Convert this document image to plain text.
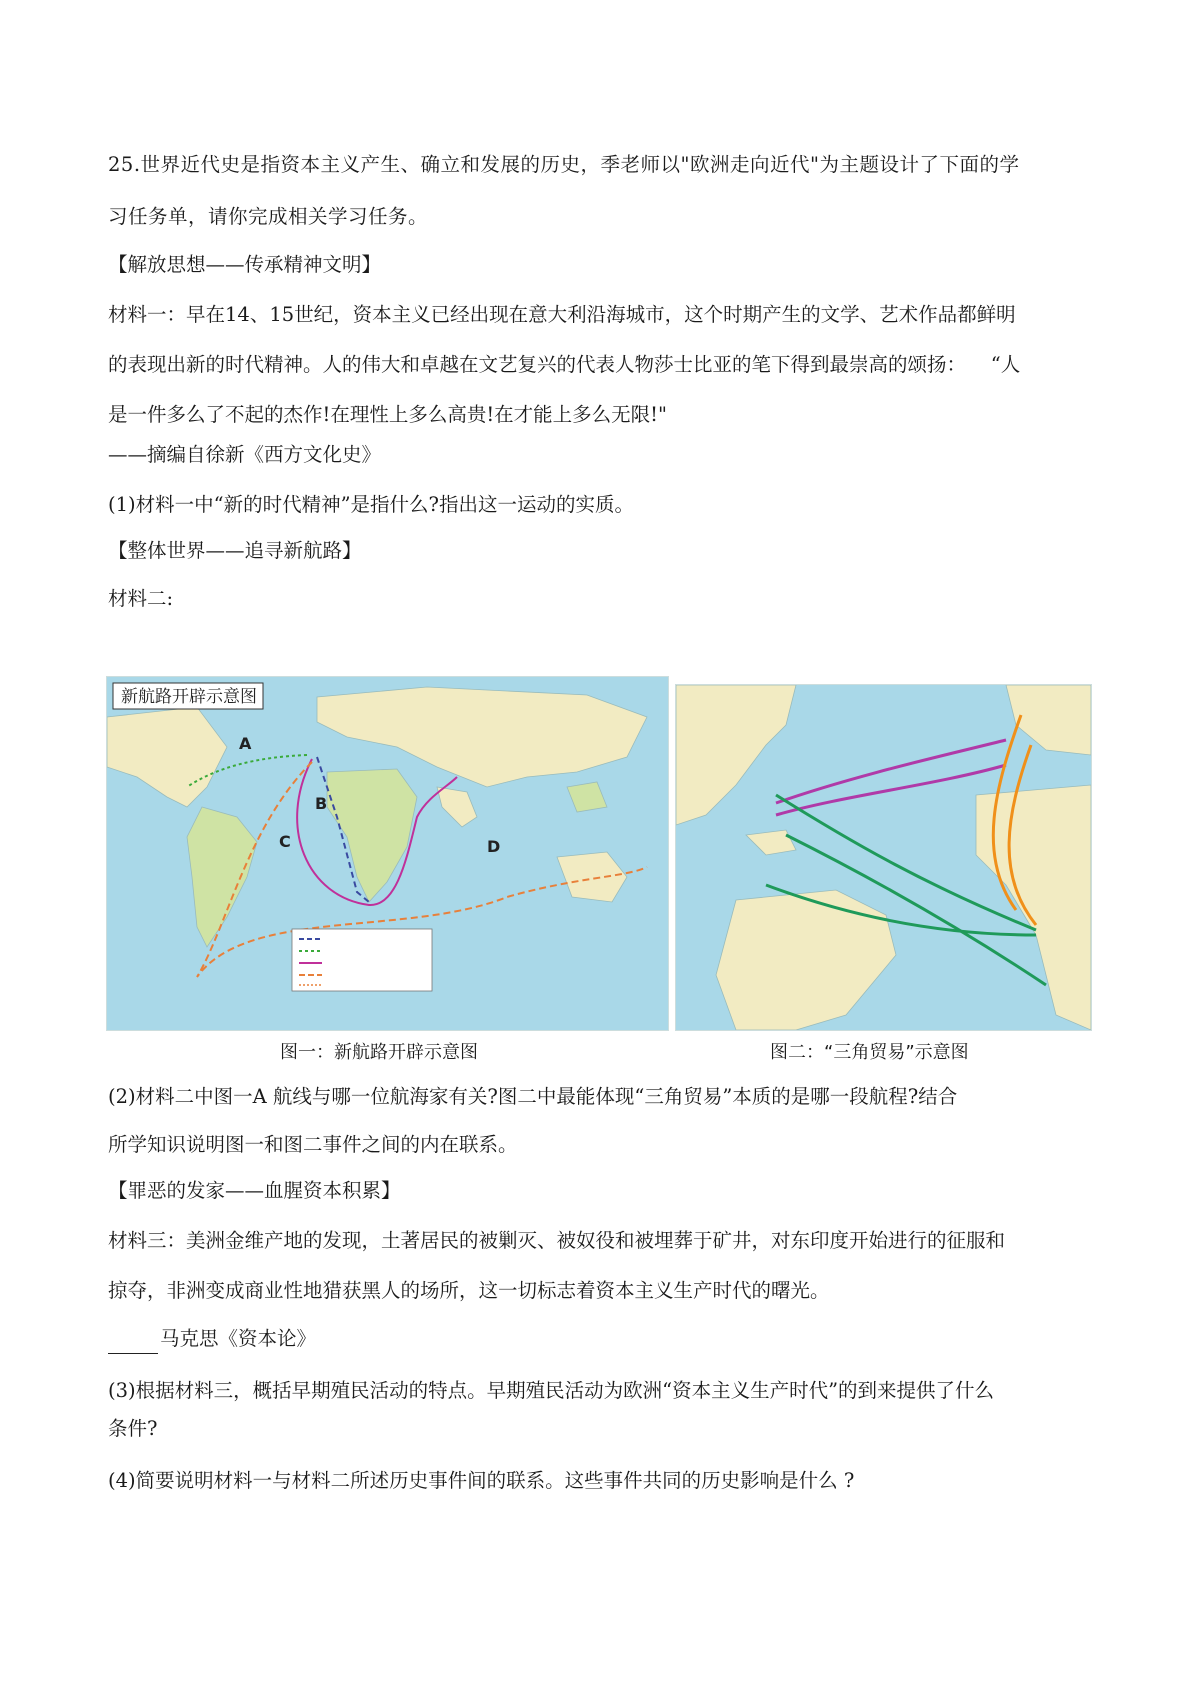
25.世界近代史是指资本主义产生、确立和发展的历史，季老师以"欧洲走向近代"为主题设计了下面的学
习任务单，请你完成相关学习任务。
【解放思想——传承精神文明】
材料一：早在14、15世纪，资本主义已经出现在意大利沿海城市，这个时期产生的文学、艺术作品都鲜明
的表现出新的时代精神。人的伟大和卓越在文艺复兴的代表人物莎士比亚的笔下得到最崇高的颂扬：    “人
是一件多么了不起的杰作!在理性上多么高贵!在才能上多么无限!"
——摘编自徐新《西方文化史》
(1)材料一中“新的时代精神”是指什么?指出这一运动的实质。
【整体世界——追寻新航路】
材料二:
新航路开辟示意图
A
B
C	D
图一：新航路开辟示意图	图二：“三角贸易”示意图
(2)材料二中图一A 航线与哪一位航海家有关?图二中最能体现“三角贸易”本质的是哪一段航程?结合
所学知识说明图一和图二事件之间的内在联系。
【罪恶的发家——血腥资本积累】
材料三：美洲金维产地的发现，土著居民的被剿灭、被奴役和被埋葬于矿井，对东印度开始进行的征服和
掠夺，非洲变成商业性地猎获黑人的场所，这一切标志着资本主义生产时代的曙光。
马克思《资本论》
(3)根据材料三，概括早期殖民活动的特点。早期殖民活动为欧洲“资本主义生产时代”的到来提供了什么
条件?
(4)简要说明材料一与材料二所述历史事件间的联系。这些事件共同的历史影响是什么 ?
